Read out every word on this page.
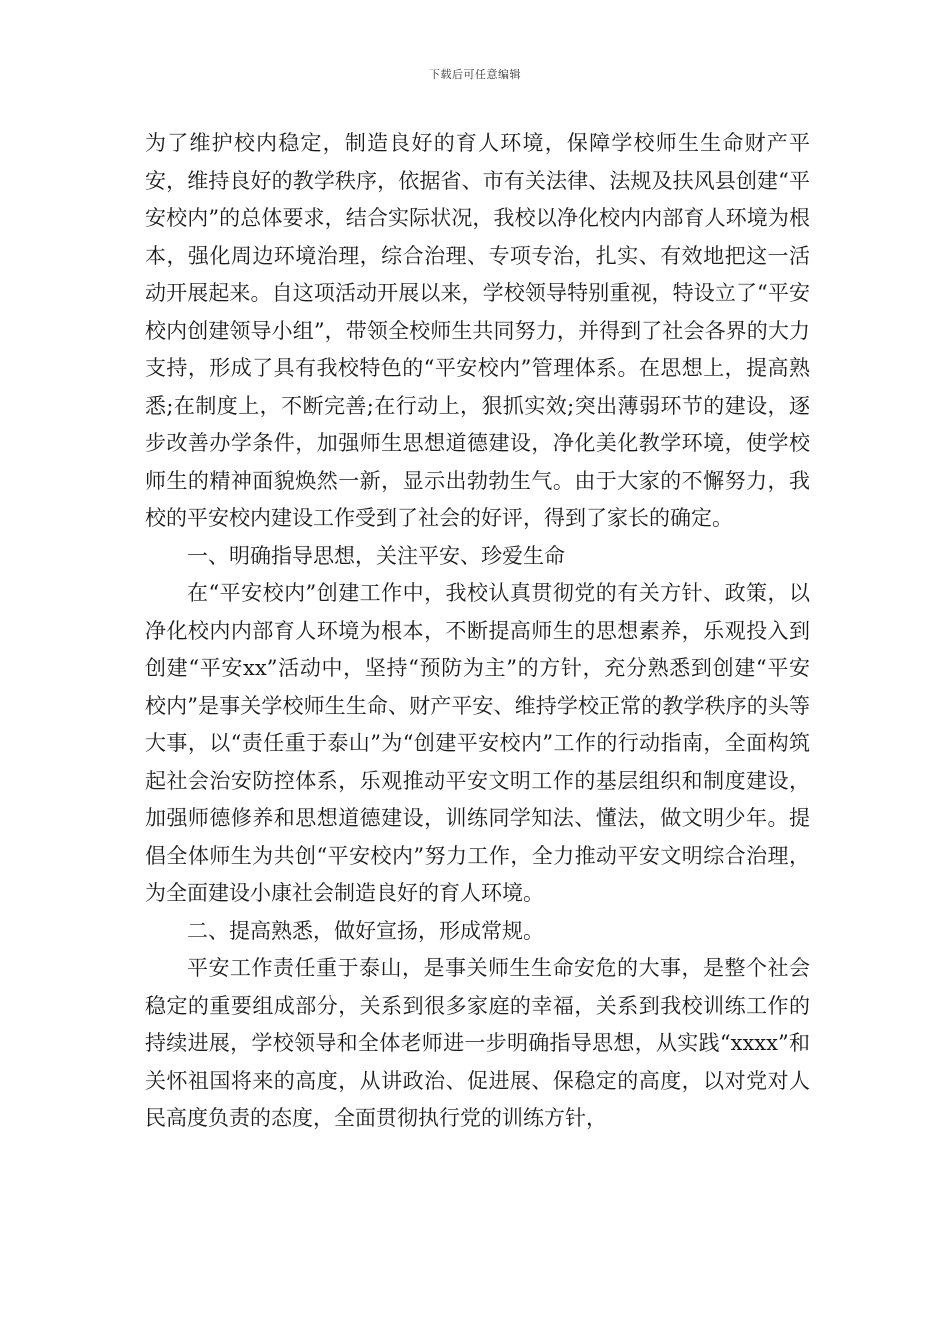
下载后可任意编辑

为了维护校内稳定，制造良好的育人环境，保障学校师生生命财产平安，维持良好的教学秩序，依据省、市有关法律、法规及扶风县创建“平安校内”的总体要求，结合实际状况，我校以净化校内内部育人环境为根本，强化周边环境治理，综合治理、专项专治，扎实、有效地把这一活动开展起来。自这项活动开展以来，学校领导特别重视，特设立了“平安校内创建领导小组”，带领全校师生共同努力，并得到了社会各界的大力支持，形成了具有我校特色的“平安校内”管理体系。在思想上，提高熟悉;在制度上，不断完善;在行动上，狠抓实效;突出薄弱环节的建设，逐步改善办学条件，加强师生思想道德建设，净化美化教学环境，使学校师生的精神面貌焕然一新，显示出勃勃生气。由于大家的不懈努力，我校的平安校内建设工作受到了社会的好评，得到了家长的确定。

一、明确指导思想，关注平安、珍爱生命

在“平安校内”创建工作中，我校认真贯彻党的有关方针、政策，以净化校内内部育人环境为根本，不断提高师生的思想素养，乐观投入到创建“平安xx”活动中，坚持“预防为主”的方针，充分熟悉到创建“平安校内”是事关学校师生生命、财产平安、维持学校正常的教学秩序的头等大事，以“责任重于泰山”为“创建平安校内”工作的行动指南，全面构筑起社会治安防控体系，乐观推动平安文明工作的基层组织和制度建设，加强师德修养和思想道德建设，训练同学知法、懂法，做文明少年。提倡全体师生为共创“平安校内”努力工作，全力推动平安文明综合治理，为全面建设小康社会制造良好的育人环境。

二、提高熟悉，做好宣扬，形成常规。

平安工作责任重于泰山，是事关师生生命安危的大事，是整个社会稳定的重要组成部分，关系到很多家庭的幸福，关系到我校训练工作的持续进展，学校领导和全体老师进一步明确指导思想，从实践“xxxx”和关怀祖国将来的高度，从讲政治、促进展、保稳定的高度，以对党对人民高度负责的态度，全面贯彻执行党的训练方针，
